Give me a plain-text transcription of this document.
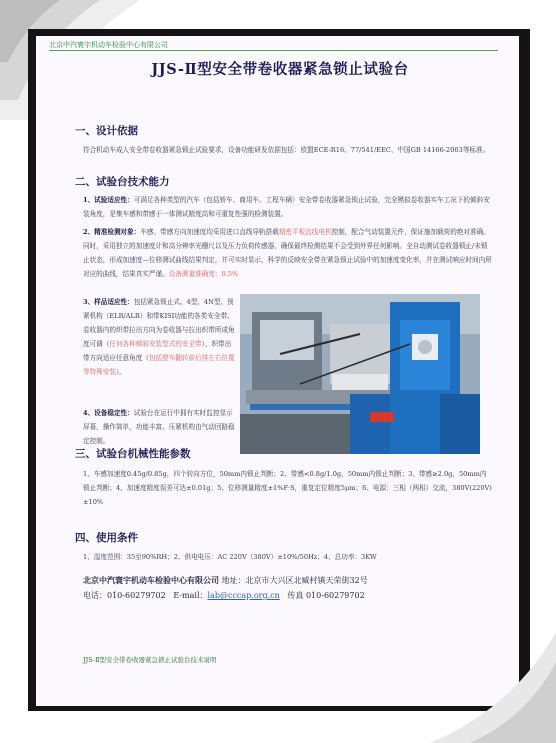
北京中汽寰宇机动车检验中心有限公司
JJS-Ⅱ型安全带卷收器紧急锁止试验台
一、设计依据
符合机动车成人安全带卷收器紧急锁止试验要求，设备功能研发依据包括：欧盟ECE-R16、77/541/EEC、中国GB 14166-2003等标准。
二、试验台技术能力
1、试验适应性：可满足各种类型的汽车（包括轿车、商用车、工程车辆）安全带卷收器紧急锁止试验，完全模拟卷收器实车工况下的倾斜安装角度，是集车感和带感于一体测试精度高和可重复性强的检测装置。
2、精准检测对象：车感、带感方向加速度均采用进口直线导轨搭载精密平板直线电机控制，配合气动装置元件，保证施加载荷的绝对准确。同时，采用独立的加速度计和高分辨率光栅尺以及压力负荷传感器，确保最终检测结果不会受到外界任何影响。全自动测试卷收器锁止/未锁止状态，形成加速度—位移测试曲线结果判定，并可实时显示，科学的反映安全带在紧急锁止试验中的加速度变化率，并在测试响应时间内所对应的曲线，结果真实严谨。设备测量准确度：0.5%
3、样品适应性：包括紧急锁止式、4型、4N型、预紧机构（ELR/ALR）和带KISI功能的各类安全带。卷收器内的织带拉出方向为卷收器与拉出织带所成角度可调（任何各种倾斜安装型式的安全带），织带出带方向适应任意角度（包括整车翻转前后排左右位置等特殊安装）。
4、设备稳定性：试验台在运行中拥有实时监控显示屏幕，操作简单，功能丰富。压紧机构由气动回路稳定控制。
三、试验台机械性能参数
1、车感加速度0.45g/0.85g，四个转向方位，50mm内锁止判断；2、带感<0.8g/1.0g，50mm内锁止判断；3、带感≥2.0g，50mm内锁止判断；4、加速度精度误差可达±0.01g；5、位移测量精度±1%F·S，重复定位精度5μm；6、电源：三相（两相）交流，380V(220V)±10%
四、使用条件
1、湿度范围：35至90%RH；2、供电电压：AC 220V（380V）±10%/50Hz；4、总功率：3KW
北京中汽寰宇机动车检验中心有限公司 地址：北京市大兴区北臧村镇天荣街32号
电话：010-60279702 E-mail：lab@cccap.org.cn 传真 010-60279702
JJS-Ⅱ型安全带卷收器紧急锁止试验台技术说明
